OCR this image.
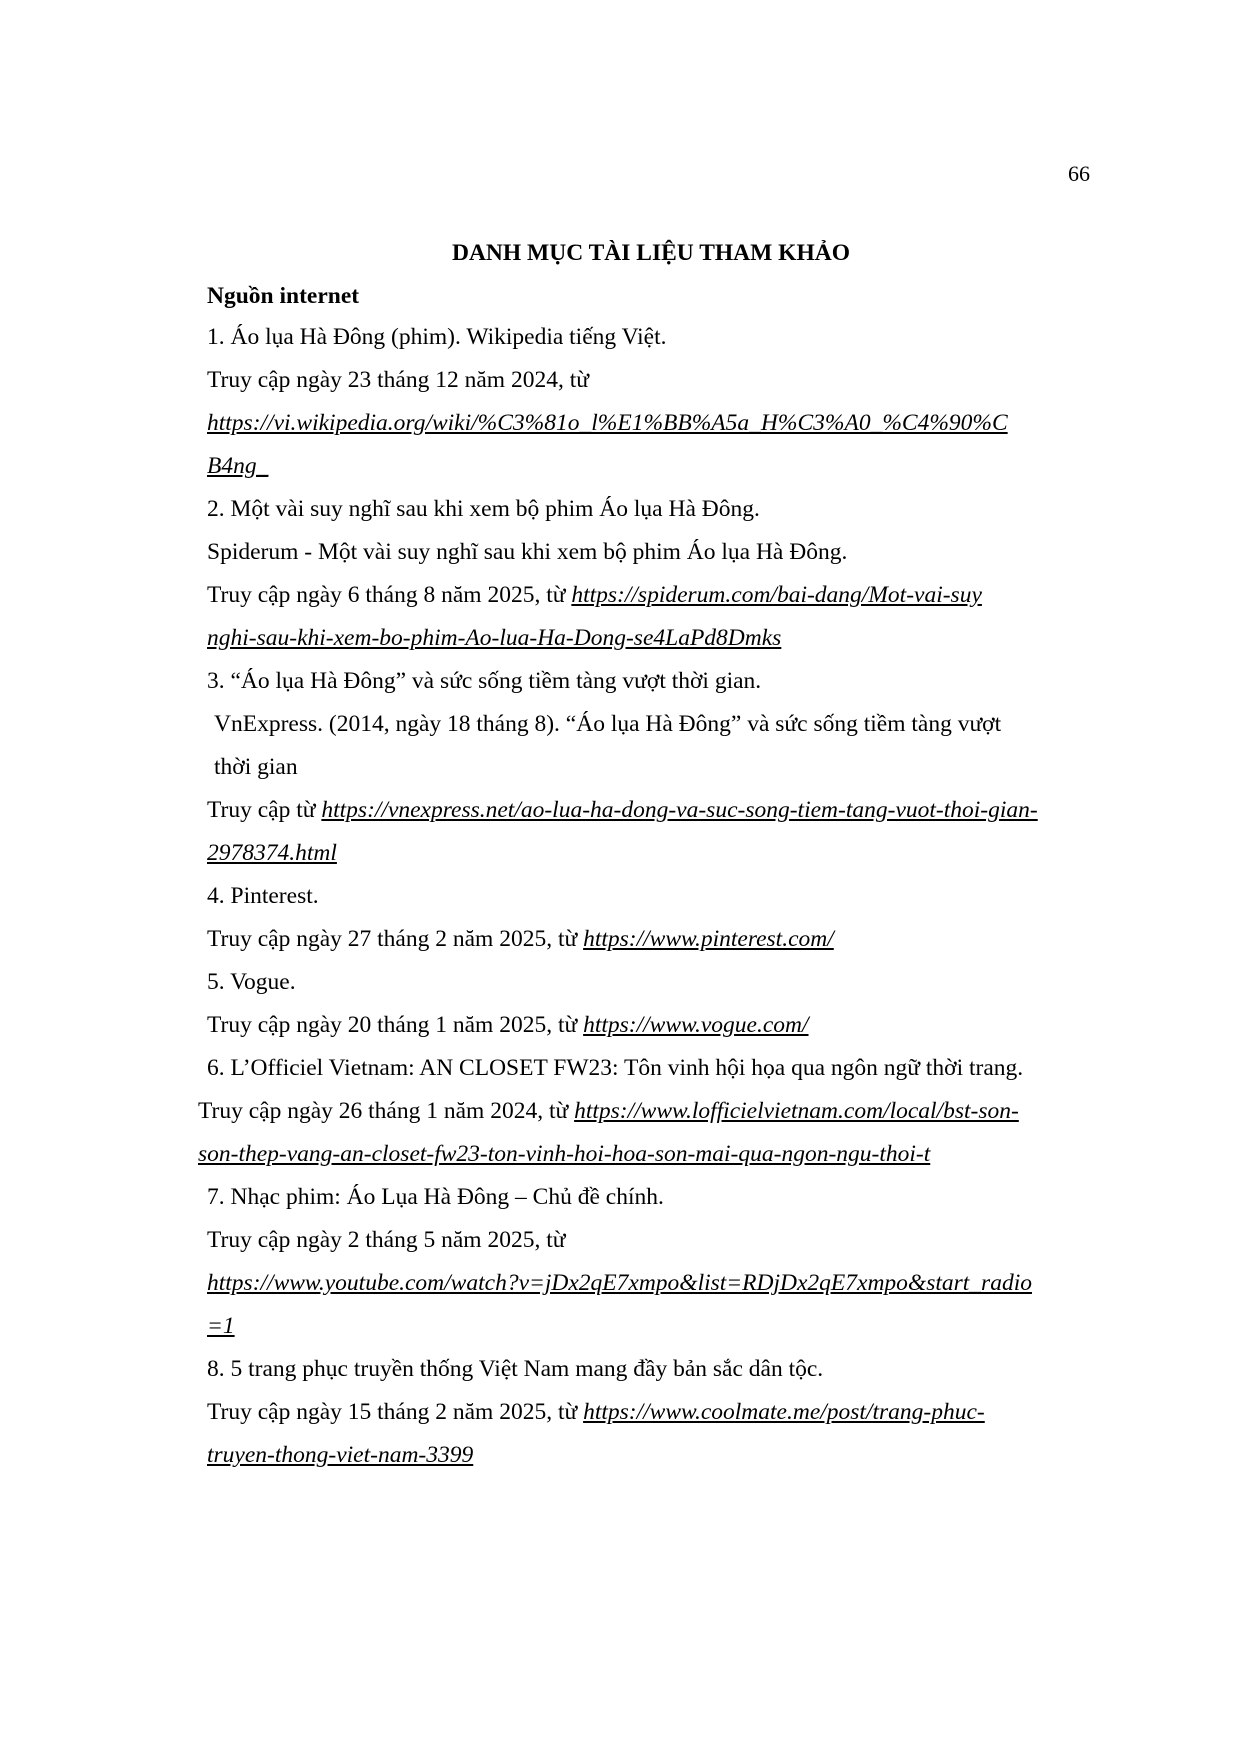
66
DANH MỤC TÀI LIỆU THAM KHẢO
Nguồn internet
1. Áo lụa Hà Đông (phim). Wikipedia tiếng Việt.
Truy cập ngày 23 tháng 12 năm 2024, từ
https://vi.wikipedia.org/wiki/%C3%81o_l%E1%BB%A5a_H%C3%A0_%C4%90%C
B4ng_
2. Một vài suy nghĩ sau khi xem bộ phim Áo lụa Hà Đông.
Spiderum - Một vài suy nghĩ sau khi xem bộ phim Áo lụa Hà Đông.
Truy cập ngày 6 tháng 8 năm 2025, từ https://spiderum.com/bai-dang/Mot-vai-suy
nghi-sau-khi-xem-bo-phim-Ao-lua-Ha-Dong-se4LaPd8Dmks
3. “Áo lụa Hà Đông” và sức sống tiềm tàng vượt thời gian.
VnExpress. (2014, ngày 18 tháng 8). “Áo lụa Hà Đông” và sức sống tiềm tàng vượt
thời gian
Truy cập từ https://vnexpress.net/ao-lua-ha-dong-va-suc-song-tiem-tang-vuot-thoi-gian-
2978374.html
4. Pinterest.
Truy cập ngày 27 tháng 2 năm 2025, từ https://www.pinterest.com/
5. Vogue.
Truy cập ngày 20 tháng 1 năm 2025, từ https://www.vogue.com/
6. L’Officiel Vietnam: AN CLOSET FW23: Tôn vinh hội họa qua ngôn ngữ thời trang.
Truy cập ngày 26 tháng 1 năm 2024, từ https://www.lofficielvietnam.com/local/bst-son-
son-thep-vang-an-closet-fw23-ton-vinh-hoi-hoa-son-mai-qua-ngon-ngu-thoi-t
7. Nhạc phim: Áo Lụa Hà Đông – Chủ đề chính.
Truy cập ngày 2 tháng 5 năm 2025, từ
https://www.youtube.com/watch?v=jDx2qE7xmpo&list=RDjDx2qE7xmpo&start_radio
=1
8. 5 trang phục truyền thống Việt Nam mang đầy bản sắc dân tộc.
Truy cập ngày 15 tháng 2 năm 2025, từ https://www.coolmate.me/post/trang-phuc-
truyen-thong-viet-nam-3399
